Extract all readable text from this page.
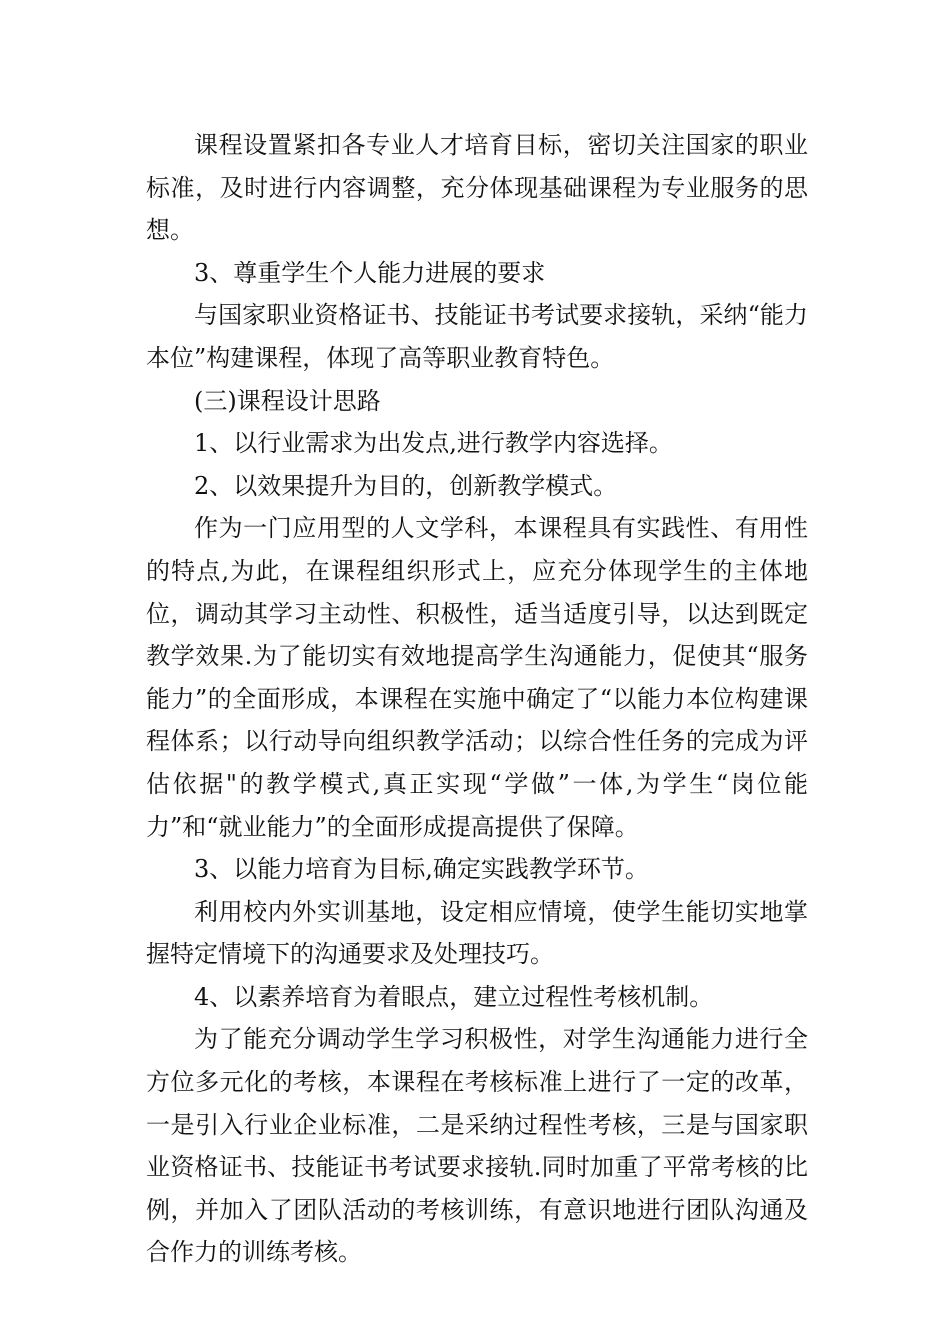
课程设置紧扣各专业人才培育目标，密切关注国家的职业标准，及时进行内容调整，充分体现基础课程为专业服务的思想。

3、尊重学生个人能力进展的要求

与国家职业资格证书、技能证书考试要求接轨，采纳“能力本位”构建课程，体现了高等职业教育特色。

(三)课程设计思路

1、以行业需求为出发点,进行教学内容选择。

2、以效果提升为目的，创新教学模式。

作为一门应用型的人文学科，本课程具有实践性、有用性的特点,为此，在课程组织形式上，应充分体现学生的主体地位，调动其学习主动性、积极性，适当适度引导，以达到既定教学效果.为了能切实有效地提高学生沟通能力，促使其“服务能力”的全面形成，本课程在实施中确定了“以能力本位构建课程体系；以行动导向组织教学活动；以综合性任务的完成为评估依据"的教学模式,真正实现“学做”一体,为学生“岗位能力”和“就业能力”的全面形成提高提供了保障。

3、以能力培育为目标,确定实践教学环节。

利用校内外实训基地，设定相应情境，使学生能切实地掌握特定情境下的沟通要求及处理技巧。

4、以素养培育为着眼点，建立过程性考核机制。

为了能充分调动学生学习积极性，对学生沟通能力进行全方位多元化的考核，本课程在考核标准上进行了一定的改革，一是引入行业企业标准，二是采纳过程性考核，三是与国家职业资格证书、技能证书考试要求接轨.同时加重了平常考核的比例，并加入了团队活动的考核训练，有意识地进行团队沟通及合作力的训练考核。
